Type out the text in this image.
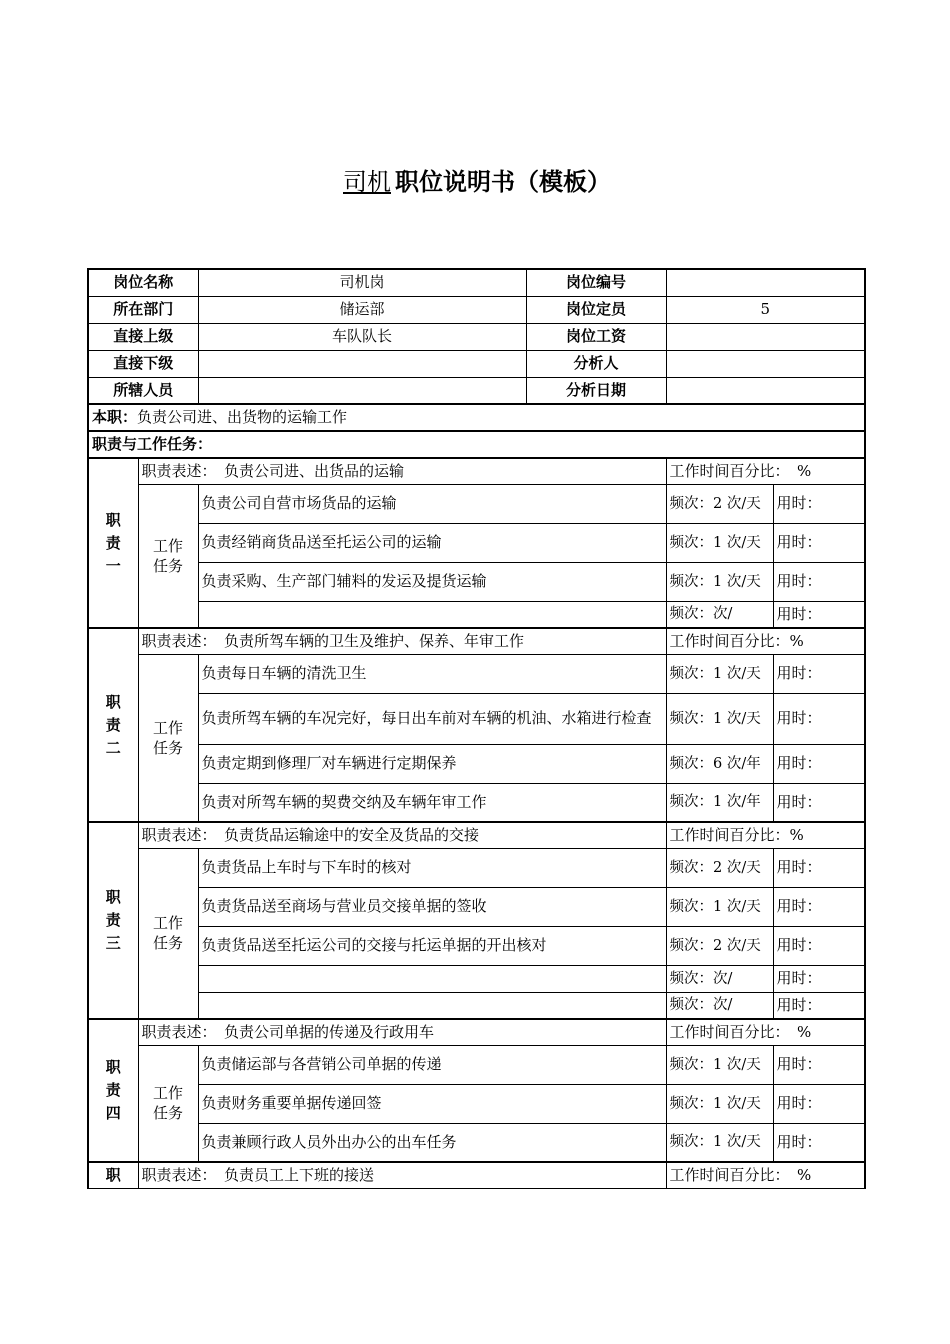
司机 职位说明书（模板）
岗位名称		司机岗	岗位编号		
所在部门		储运部	岗位定员	5	
直接上级		车队队长	岗位工资		
直接下级			分析人		
所辖人员			分析日期		
本职：负责公司进、出货物的运输工作					
职责与工作任务：					

职
责
一	职责表述：　负责公司进、出货品的运输			工作时间百分比：　%	
	工作
任务	负责公司自营市场货品的运输		频次：2 次/天	用时：
		负责经销商货品送至托运公司的运输		频次：1 次/天	用时：
		负责采购、生产部门辅料的发运及提货运输		频次：1 次/天	用时：
				频次：次/	用时：

职
责
二	职责表述：　负责所驾车辆的卫生及维护、保养、年审工作			工作时间百分比：%	
	工作
任务	负责每日车辆的清洗卫生		频次：1 次/天	用时：
		负责所驾车辆的车况完好，每日出车前对车辆的机油、水箱进行检查		频次：1 次/天	用时：
		负责定期到修理厂对车辆进行定期保养		频次：6 次/年	用时：
		负责对所驾车辆的契费交纳及车辆年审工作		频次：1 次/年	用时：

职
责
三	职责表述：　负责货品运输途中的安全及货品的交接			工作时间百分比：%	
	工作
任务	负责货品上车时与下车时的核对		频次：2 次/天	用时：
		负责货品送至商场与营业员交接单据的签收		频次：1 次/天	用时：
		负责货品送至托运公司的交接与托运单据的开出核对		频次：2 次/天	用时：
				频次：次/	用时：
				频次：次/	用时：

职
责
四	职责表述：　负责公司单据的传递及行政用车			工作时间百分比：　%	
	工作
任务	负责储运部与各营销公司单据的传递		频次：1 次/天	用时：
		负责财务重要单据传递回签		频次：1 次/天	用时：
		负责兼顾行政人员外出办公的出车任务		频次：1 次/天	用时：

职	职责表述：　负责员工上下班的接送			工作时间百分比：　%	
